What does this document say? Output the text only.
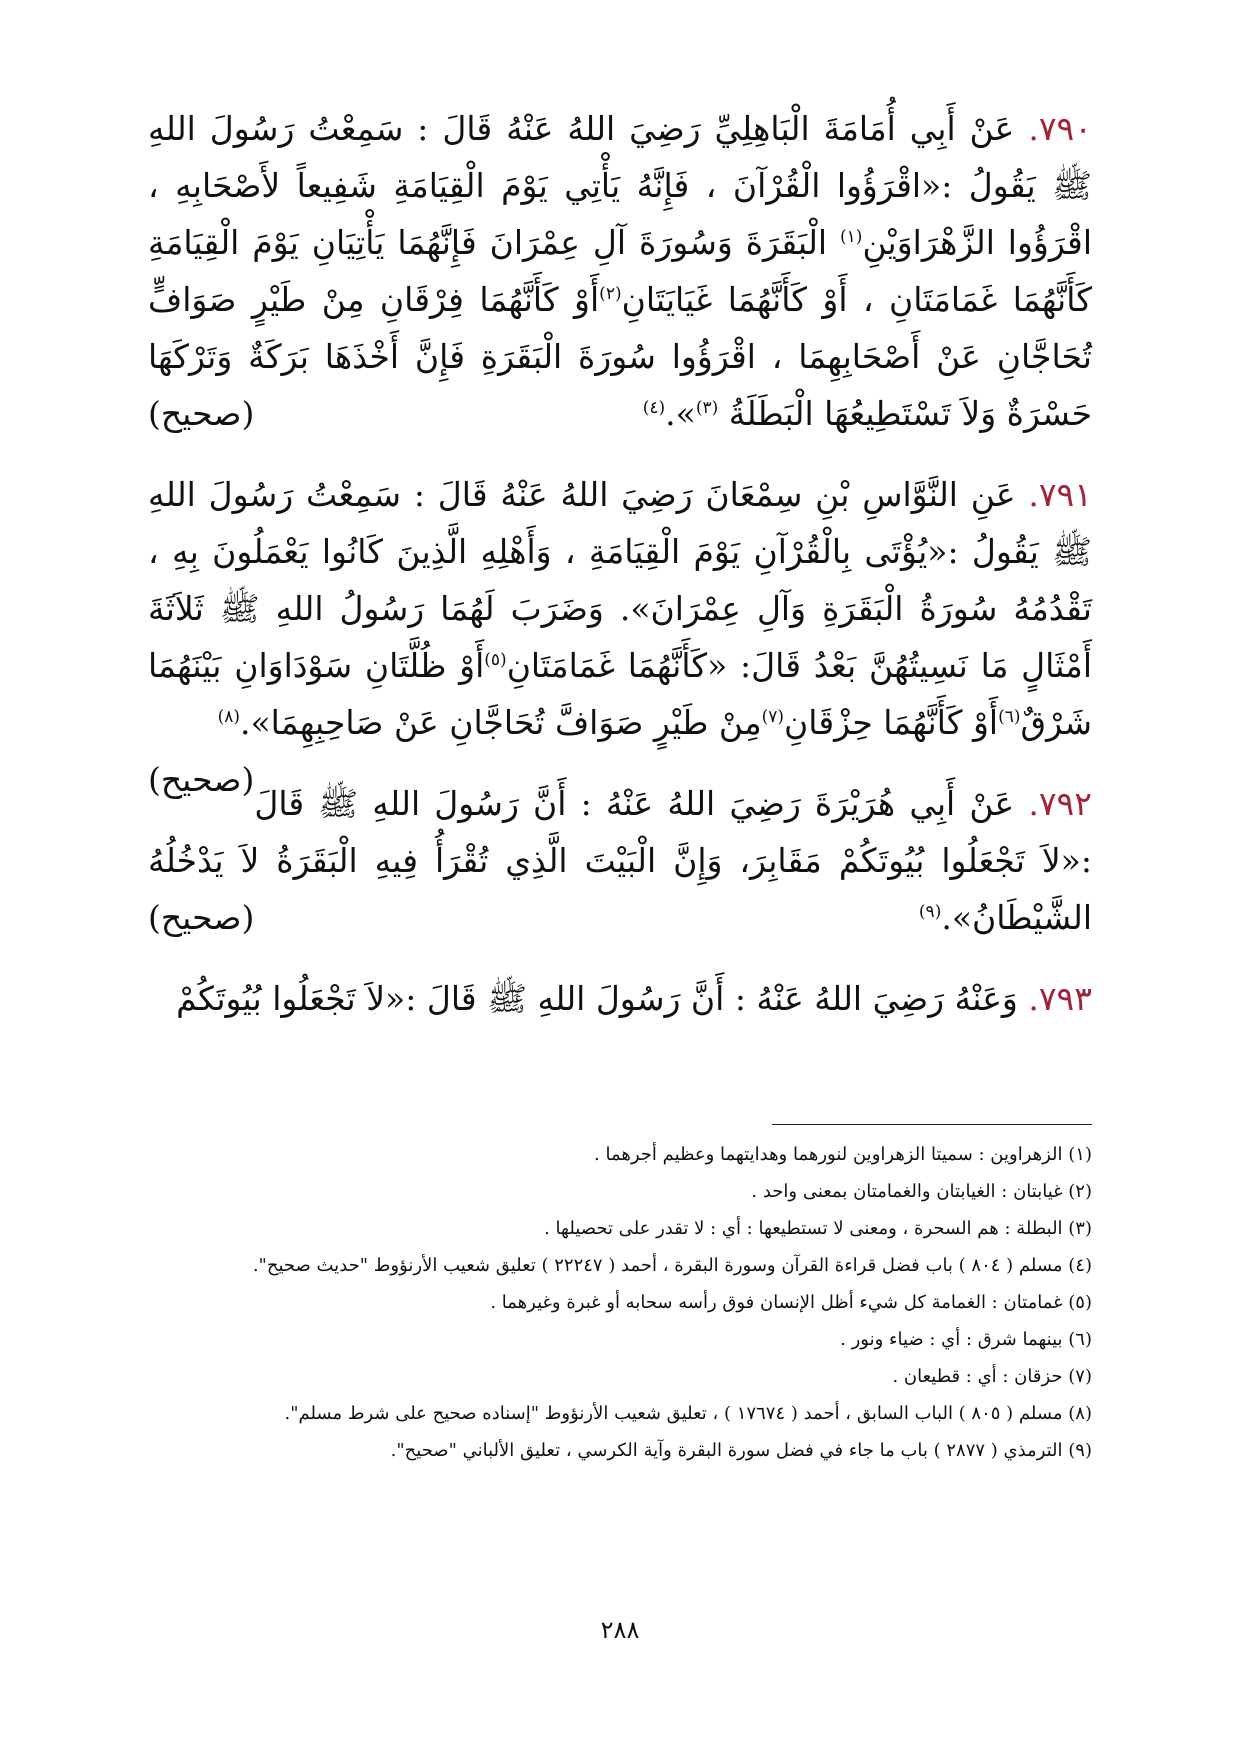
٧٩٠. عَنْ أَبِي أُمَامَةَ الْبَاهِلِيِّ رَضِيَ اللهُ عَنْهُ قَالَ : سَمِعْتُ رَسُولَ اللهِ ﷺ يَقُولُ :«اقْرَؤُوا الْقُرْآنَ ، فَإِنَّهُ يَأْتِي يَوْمَ الْقِيَامَةِ شَفِيعاً لأَصْحَابِهِ ، اقْرَؤُوا الزَّهْرَاوَيْنِ$^{(١)}$ الْبَقَرَةَ وَسُورَةَ آلِ عِمْرَانَ فَإِنَّهُمَا يَأْتِيَانِ يَوْمَ الْقِيَامَةِ كَأَنَّهُمَا غَمَامَتَانِ ، أَوْ كَأَنَّهُمَا غَيَايَتَانِ$^{(٢)}$أَوْ كَأَنَّهُمَا فِرْقَانِ مِنْ طَيْرٍ صَوَافٍّ تُحَاجَّانِ عَنْ أَصْحَابِهِمَا ، اقْرَؤُوا سُورَةَ الْبَقَرَةِ فَإِنَّ أَخْذَهَا بَرَكَةٌ وَتَرْكَهَا حَسْرَةٌ وَلاَ تَسْتَطِيعُهَا الْبَطَلَةُ $^{(٣)}$».$^{(٤)}$
(صحيح)

٧٩١. عَنِ النَّوَّاسِ بْنِ سِمْعَانَ رَضِيَ اللهُ عَنْهُ قَالَ : سَمِعْتُ رَسُولَ اللهِ ﷺ يَقُولُ :«يُؤْتَى بِالْقُرْآنِ يَوْمَ الْقِيَامَةِ ، وَأَهْلِهِ الَّذِينَ كَانُوا يَعْمَلُونَ بِهِ ، تَقْدُمُهُ سُورَةُ الْبَقَرَةِ وَآلِ عِمْرَانَ». وَضَرَبَ لَهُمَا رَسُولُ اللهِ ﷺ ثَلاَثَةَ أَمْثَالٍ مَا نَسِيتُهُنَّ بَعْدُ قَالَ: «كَأَنَّهُمَا غَمَامَتَانِ$^{(٥)}$أَوْ ظُلَّتَانِ سَوْدَاوَانِ بَيْنَهُمَا شَرْقٌ$^{(٦)}$أَوْ كَأَنَّهُمَا حِزْقَانِ$^{(٧)}$مِنْ طَيْرٍ صَوَافَّ تُحَاجَّانِ عَنْ صَاحِبِهِمَا».$^{(٨)}$
(صحيح)

٧٩٢. عَنْ أَبِي هُرَيْرَةَ رَضِيَ اللهُ عَنْهُ : أَنَّ رَسُولَ اللهِ ﷺ قَالَ :«لاَ تَجْعَلُوا بُيُوتَكُمْ مَقَابِرَ، وَإِنَّ الْبَيْتَ الَّذِي تُقْرَأُ فِيهِ الْبَقَرَةُ لاَ يَدْخُلُهُ الشَّيْطَانُ».$^{(٩)}$
(صحيح)

٧٩٣. وَعَنْهُ رَضِيَ اللهُ عَنْهُ : أَنَّ رَسُولَ اللهِ ﷺ قَالَ :«لاَ تَجْعَلُوا بُيُوتَكُمْ

(١) الزهراوين : سميتا الزهراوين لنورهما وهدايتهما وعظيم أجرهما .
(٢) غيابتان : الغيابتان والغمامتان بمعنى واحد .
(٣) البطلة : هم السحرة ، ومعنى لا تستطيعها : أي : لا تقدر على تحصيلها .
(٤) مسلم ( ٨٠٤ ) باب فضل قراءة القرآن وسورة البقرة ، أحمد ( ٢٢٢٤٧ ) تعليق شعيب الأرنؤوط "حديث صحيح".
(٥) غمامتان : الغمامة كل شيء أظل الإنسان فوق رأسه سحابه أو غبرة وغيرهما .
(٦) بينهما شرق : أي : ضياء ونور .
(٧) حزقان : أي : قطيعان .
(٨) مسلم ( ٨٠٥ ) الباب السابق ، أحمد ( ١٧٦٧٤ ) ، تعليق شعيب الأرنؤوط "إسناده صحيح على شرط مسلم".
(٩) الترمذي ( ٢٨٧٧ ) باب ما جاء في فضل سورة البقرة وآية الكرسي ، تعليق الألباني "صحيح".
٢٨٨
